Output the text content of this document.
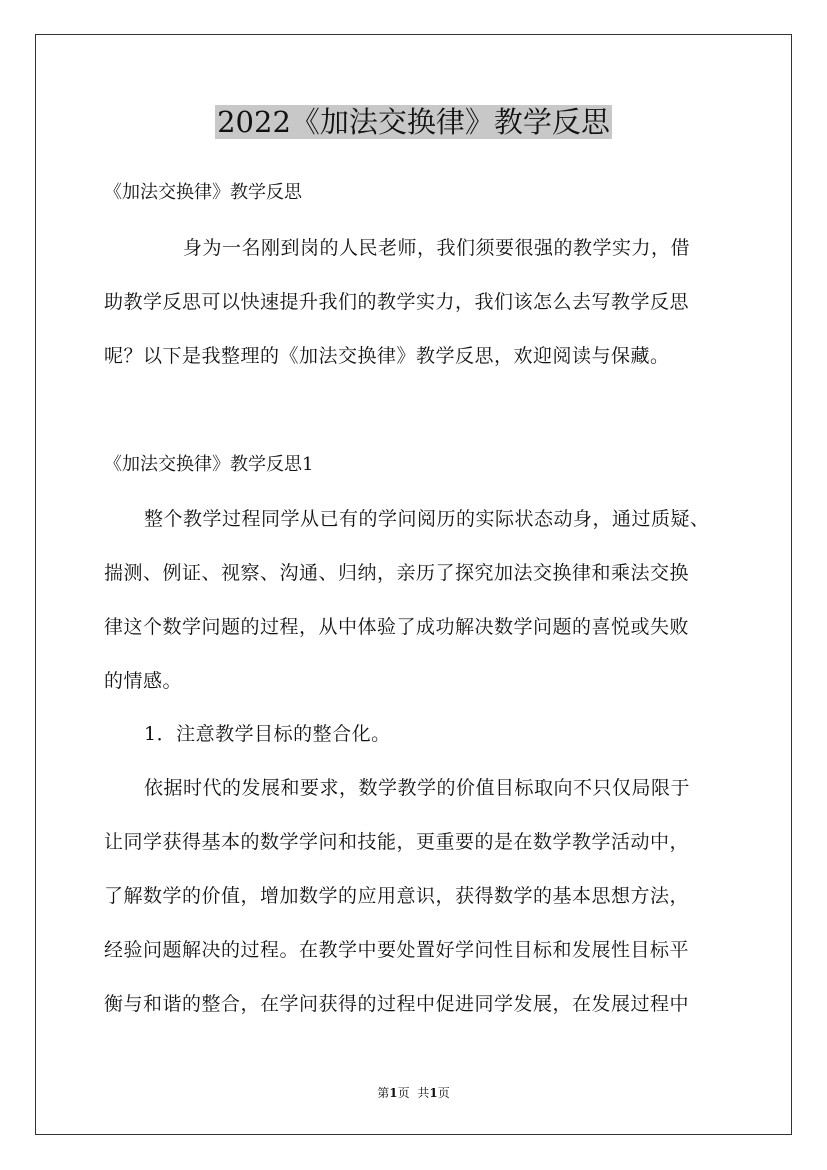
2022《加法交换律》教学反思

《加法交换律》教学反思

身为一名刚到岗的人民老师，我们须要很强的教学实力，借

助教学反思可以快速提升我们的教学实力，我们该怎么去写教学反思

呢？以下是我整理的《加法交换律》教学反思，欢迎阅读与保藏。

《加法交换律》教学反思1

整个教学过程同学从已有的学问阅历的实际状态动身，通过质疑、

揣测、例证、视察、沟通、归纳，亲历了探究加法交换律和乘法交换

律这个数学问题的过程，从中体验了成功解决数学问题的喜悦或失败

的情感。

1．注意教学目标的整合化。

依据时代的发展和要求，数学教学的价值目标取向不只仅局限于

让同学获得基本的数学学问和技能，更重要的是在数学教学活动中，

了解数学的价值，增加数学的应用意识，获得数学的基本思想方法，

经验问题解决的过程。在教学中要处置好学问性目标和发展性目标平

衡与和谐的整合，在学问获得的过程中促进同学发展，在发展过程中

第1页 共1页
